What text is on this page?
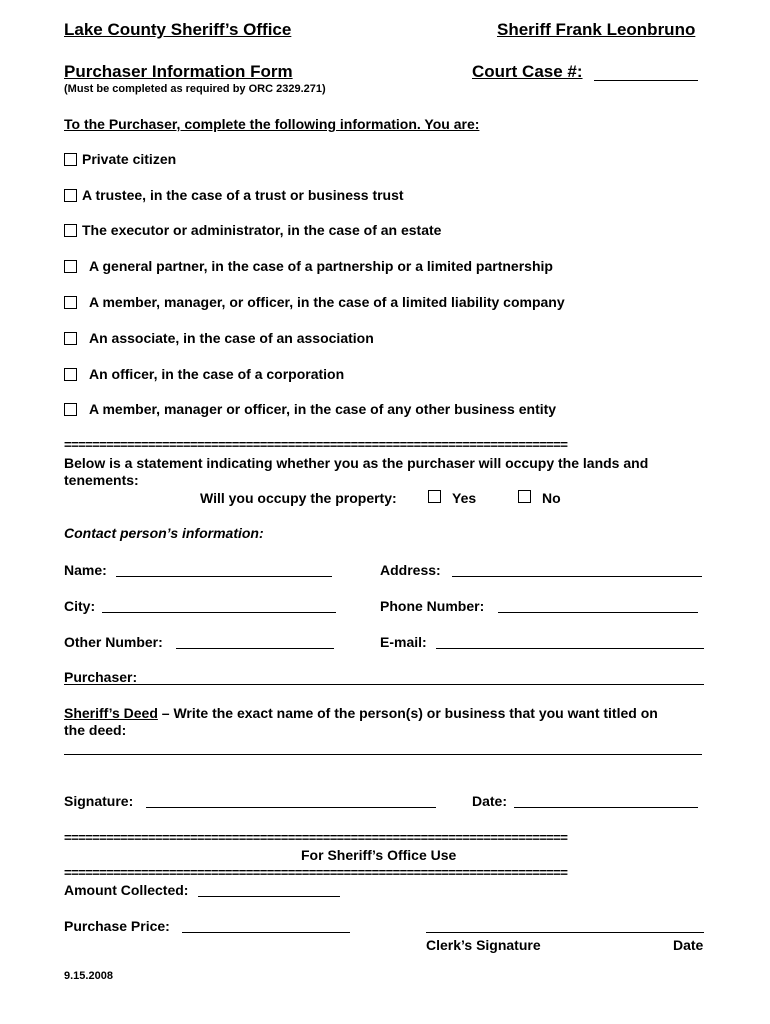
Lake County Sheriff’s Office	Sheriff Frank Leonbruno
Purchaser Information Form	Court Case #:
(Must be completed as required by ORC 2329.271)
To the Purchaser, complete the following information. You are:
Private citizen
A trustee, in the case of a trust or business trust
The executor or administrator, in the case of an estate
A general partner, in the case of a partnership or a limited partnership
A member, manager, or officer, in the case of a limited liability company
An associate, in the case of an association
An officer, in the case of a corporation
A member, manager or officer, in the case of any other business entity
========================================================================
Below is a statement indicating whether you as the purchaser will occupy the lands and
tenements:
Will you occupy the property:	Yes	No
Contact person’s information:
Name:	Address:
City:	Phone Number:
Other Number:	E-mail:
Purchaser:
Sheriff’s Deed – Write the exact name of the person(s) or business that you want titled on
the deed:
Signature:	Date:
========================================================================
For Sheriff’s Office Use
========================================================================
Amount Collected:
Purchase Price:
Clerk’s Signature	Date
9.15.2008
